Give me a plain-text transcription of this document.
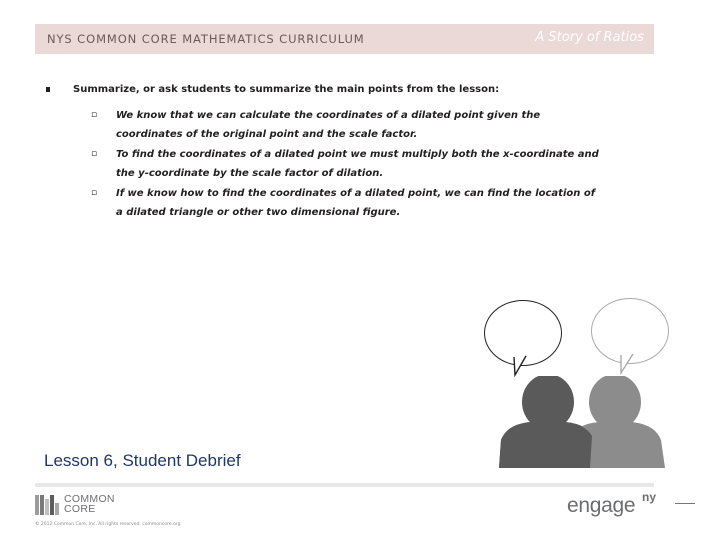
NYS COMMON CORE MATHEMATICS CURRICULUM	A Story of Ratios
Summarize, or ask students to summarize the main points from the lesson:
▫ We know that we can calculate the coordinates of a dilated point given the coordinates of the original point and the scale factor.
▫ To find the coordinates of a dilated point we must multiply both the x-coordinate and the y-coordinate by the scale factor of dilation.
▫ If we know how to find the coordinates of a dilated point, we can find the location of a dilated triangle or other two dimensional figure.
Lesson 6, Student Debrief
COMMON
CORE
© 2012 Common Core, Inc. All rights reserved. commoncore.org
engage ny
